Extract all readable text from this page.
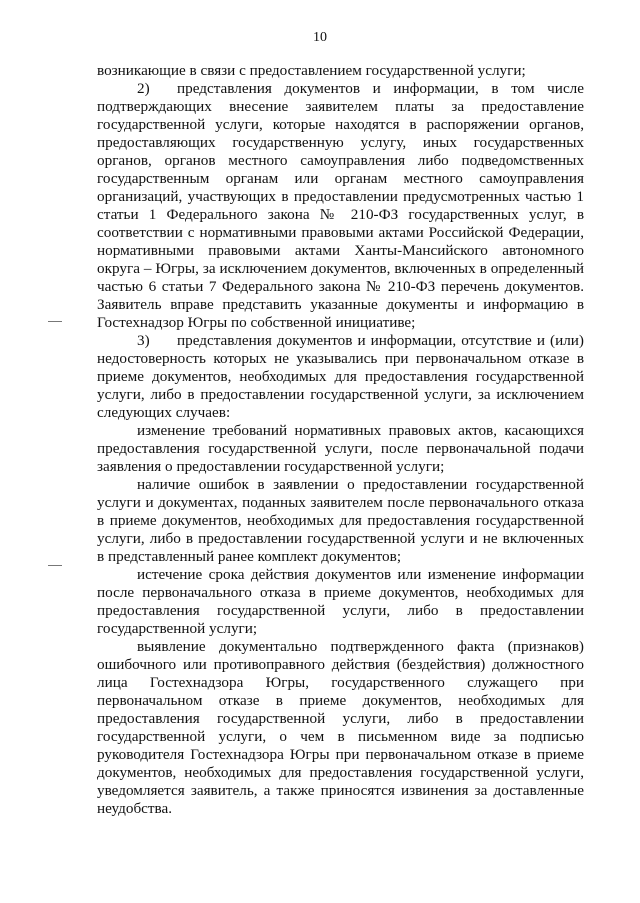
10

возникающие в связи с предоставлением государственной услуги;

2) представления документов и информации, в том числе подтверждающих внесение заявителем платы за предоставление государственной услуги, которые находятся в распоряжении органов, предоставляющих государственную услугу, иных государственных органов, органов местного самоуправления либо подведомственных государственным органам или органам местного самоуправления организаций, участвующих в предоставлении предусмотренных частью 1 статьи 1 Федерального закона № 210-ФЗ государственных услуг, в соответствии с нормативными правовыми актами Российской Федерации, нормативными правовыми актами Ханты-Мансийского автономного округа – Югры, за исключением документов, включенных в определенный частью 6 статьи 7 Федерального закона № 210-ФЗ перечень документов. Заявитель вправе представить указанные документы и информацию в Гостехнадзор Югры по собственной инициативе;

3) представления документов и информации, отсутствие и (или) недостоверность которых не указывались при первоначальном отказе в приеме документов, необходимых для предоставления государственной услуги, либо в предоставлении государственной услуги, за исключением следующих случаев:

изменение требований нормативных правовых актов, касающихся предоставления государственной услуги, после первоначальной подачи заявления о предоставлении государственной услуги;

наличие ошибок в заявлении о предоставлении государственной услуги и документах, поданных заявителем после первоначального отказа в приеме документов, необходимых для предоставления государственной услуги, либо в предоставлении государственной услуги и не включенных в представленный ранее комплект документов;

истечение срока действия документов или изменение информации после первоначального отказа в приеме документов, необходимых для предоставления государственной услуги, либо в предоставлении государственной услуги;

выявление документально подтвержденного факта (признаков) ошибочного или противоправного действия (бездействия) должностного лица Гостехнадзора Югры, государственного служащего при первоначальном отказе в приеме документов, необходимых для предоставления государственной услуги, либо в предоставлении государственной услуги, о чем в письменном виде за подписью руководителя Гостехнадзора Югры при первоначальном отказе в приеме документов, необходимых для предоставления государственной услуги, уведомляется заявитель, а также приносятся извинения за доставленные неудобства.
